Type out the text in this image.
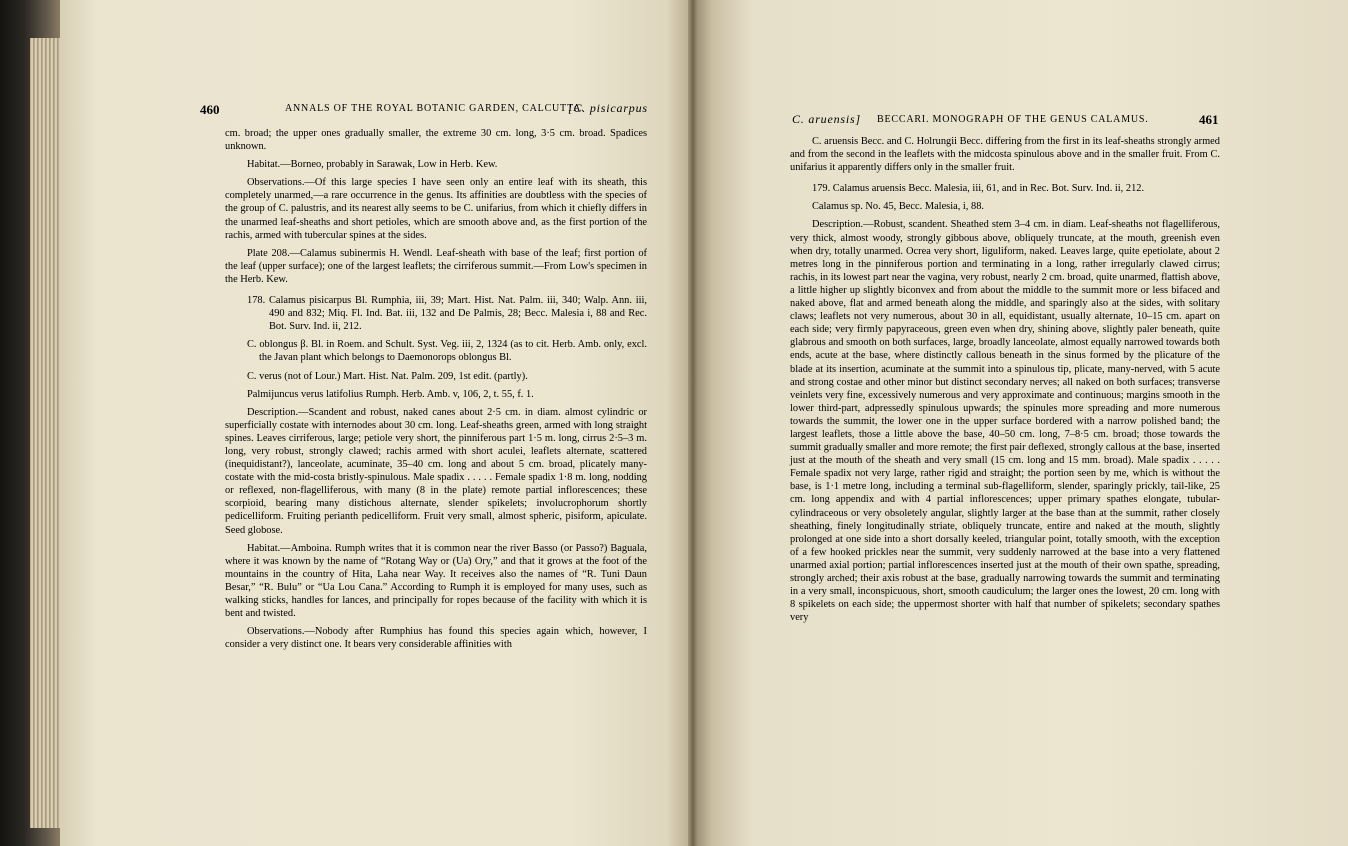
460	ANNALS OF THE ROYAL BOTANIC GARDEN, CALCUTTA.
[C. pisicarpus
C. aruensis] BECCARI. MONOGRAPH OF THE GENUS CALAMUS.	461

cm. broad; the upper ones gradually smaller, the extreme 30 cm. long, 3·5 cm. broad. Spadices unknown.

Habitat.—Borneo, probably in Sarawak, Low in Herb. Kew.

Observations.—Of this large species I have seen only an entire leaf with its sheath, this completely unarmed,—a rare occurrence in the genus. Its affinities are doubtless with the species of the group of C. palustris, and its nearest ally seems to be C. unifarius, from which it chiefly differs in the unarmed leaf-sheaths and short petioles, which are smooth above and, as the first portion of the rachis, armed with tubercular spines at the sides.

Plate 208.—Calamus subinermis H. Wendl. Leaf-sheath with base of the leaf; first portion of the leaf (upper surface); one of the largest leaflets; the cirriferous summit.—From Low's specimen in the Herb. Kew.

178. Calamus pisicarpus Bl. Rumphia, iii, 39; Mart. Hist. Nat. Palm. iii, 340; Walp. Ann. iii, 490 and 832; Miq. Fl. Ind. Bat. iii, 132 and De Palmis, 28; Becc. Malesia i, 88 and Rec. Bot. Surv. Ind. ii, 212.

C. oblongus β. Bl. in Roem. and Schult. Syst. Veg. iii, 2, 1324 (as to cit. Herb. Amb. only, excl. the Javan plant which belongs to Daemonorops oblongus Bl.

C. verus (not of Lour.) Mart. Hist. Nat. Palm. 209, 1st edit. (partly).

Palmijuncus verus latifolius Rumph. Herb. Amb. v, 106, 2, t. 55, f. 1.

Description.—Scandent and robust, naked canes about 2·5 cm. in diam. almost cylindric or superficially costate with internodes about 30 cm. long. Leaf-sheaths green, armed with long straight spines. Leaves cirriferous, large; petiole very short, the pinniferous part 1·5 m. long, cirrus 2·5–3 m. long, very robust, strongly clawed; rachis armed with short aculei, leaflets alternate, scattered (inequidistant?), lanceolate, acuminate, 35–40 cm. long and about 5 cm. broad, plicately many-costate with the mid-costa bristly-spinulous. Male spadix . . . . . Female spadix 1·8 m. long, nodding or reflexed, non-flagelliferous, with many (8 in the plate) remote partial inflorescences; these scorpioid, bearing many distichous alternate, slender spikelets; involucrophorum shortly pedicelliform. Fruiting perianth pedicelliform. Fruit very small, almost spheric, pisiform, apiculate. Seed globose.

Habitat.—Amboina. Rumph writes that it is common near the river Basso (or Passo?) Baguala, where it was known by the name of “Rotang Way or (Ua) Ory,” and that it grows at the foot of the mountains in the country of Hita, Laha near Way. It receives also the names of “R. Tuni Daun Besar,” “R. Bulu” or “Ua Lou Cana.” According to Rumph it is employed for many uses, such as walking sticks, handles for lances, and principally for ropes because of the facility with which it is bent and twisted.

Observations.—Nobody after Rumphius has found this species again which, however, I consider a very distinct one. It bears very considerable affinities with

C. aruensis Becc. and C. Holrungii Becc. differing from the first in its leaf-sheaths strongly armed and from the second in the leaflets with the midcosta spinulous above and in the smaller fruit. From C. unifarius it apparently differs only in the smaller fruit.

179. Calamus aruensis Becc. Malesia, iii, 61, and in Rec. Bot. Surv. Ind. ii, 212.

Calamus sp. No. 45, Becc. Malesia, i, 88.

Description.—Robust, scandent. Sheathed stem 3–4 cm. in diam. Leaf-sheaths not flagelliferous, very thick, almost woody, strongly gibbous above, obliquely truncate, at the mouth, greenish even when dry, totally unarmed. Ocrea very short, liguliform, naked. Leaves large, quite epetiolate, about 2 metres long in the pinniferous portion and terminating in a long, rather irregularly clawed cirrus; rachis, in its lowest part near the vagina, very robust, nearly 2 cm. broad, quite unarmed, flattish above, a little higher up slightly biconvex and from about the middle to the summit more or less bifaced and naked above, flat and armed beneath along the middle, and sparingly also at the sides, with solitary claws; leaflets not very numerous, about 30 in all, equidistant, usually alternate, 10–15 cm. apart on each side; very firmly papyraceous, green even when dry, shining above, slightly paler beneath, quite glabrous and smooth on both surfaces, large, broadly lanceolate, almost equally narrowed towards both ends, acute at the base, where distinctly callous beneath in the sinus formed by the plicature of the blade at its insertion, acuminate at the summit into a spinulous tip, plicate, many-nerved, with 5 acute and strong costae and other minor but distinct secondary nerves; all naked on both surfaces; transverse veinlets very fine, excessively numerous and very approximate and continuous; margins smooth in the lower third-part, adpressedly spinulous upwards; the spinules more spreading and more numerous towards the summit, the lower one in the upper surface bordered with a narrow polished band; the largest leaflets, those a little above the base, 40–50 cm. long, 7–8·5 cm. broad; those towards the summit gradually smaller and more remote; the first pair deflexed, strongly callous at the base, inserted just at the mouth of the sheath and very small (15 cm. long and 15 mm. broad). Male spadix . . . . . Female spadix not very large, rather rigid and straight; the portion seen by me, which is without the base, is 1·1 metre long, including a terminal sub-flagelliform, slender, sparingly prickly, tail-like, 25 cm. long appendix and with 4 partial inflorescences; upper primary spathes elongate, tubular-cylindraceous or very obsoletely angular, slightly larger at the base than at the summit, rather closely sheathing, finely longitudinally striate, obliquely truncate, entire and naked at the mouth, slightly prolonged at one side into a short dorsally keeled, triangular point, totally smooth, with the exception of a few hooked prickles near the summit, very suddenly narrowed at the base into a very flattened unarmed axial portion; partial inflorescences inserted just at the mouth of their own spathe, spreading, strongly arched; their axis robust at the base, gradually narrowing towards the summit and terminating in a very small, inconspicuous, short, smooth caudiculum; the larger ones the lowest, 20 cm. long with 8 spikelets on each side; the uppermost shorter with half that number of spikelets; secondary spathes very
